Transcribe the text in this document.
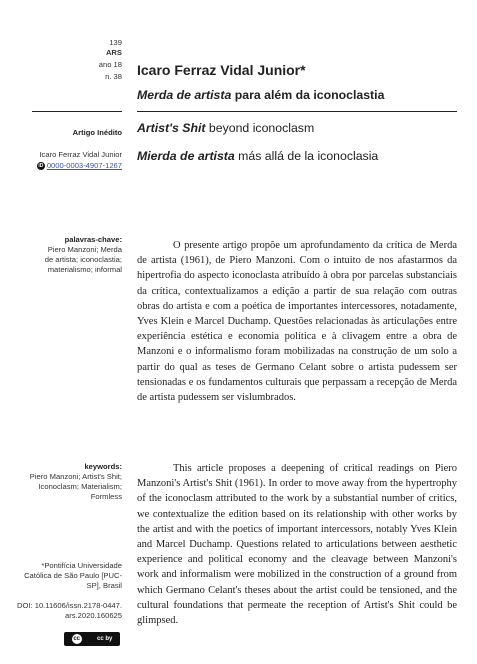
139
ARS
ano 18
n. 38 Icaro Ferraz Vidal Junior*
Merda de artista para além da iconoclastia
Artist's Shit beyond iconoclasm
Mierda de artista más allá de la iconoclasia
Artigo Inédito
Icaro Ferraz Vidal Junior
iD 0000-0003-4907-1267
palavras-chave:
Piero Manzoni; Merda
de artista; iconoclastia;
materialismo; informal
keywords:
Piero Manzoni; Artist's Shit;
Iconoclasm; Materialism;
Formless
*Pontifícia Universidade
Católica de São Paulo [PUC-
SP], Brasil
DOI: 10.11606/issn.2178-0447.
ars.2020.160625
cc	cc by

O presente artigo propõe um aprofundamento da crítica de Merda de artista (1961), de Piero Manzoni. Com o intuito de nos afastarmos da hipertrofia do aspecto iconoclasta atribuído à obra por parcelas substanciais da crítica, contextualizamos a edição a partir de sua relação com outras obras do artista e com a poética de importantes intercessores, notadamente, Yves Klein e Marcel Duchamp. Questões relacionadas às articulações entre experiência estética e economia política e à clivagem entre a obra de Manzoni e o informalismo foram mobilizadas na construção de um solo a partir do qual as teses de Germano Celant sobre o artista pudessem ser tensionadas e os fundamentos culturais que perpassam a recepção de Merda de artista pudessem ser vislumbrados.

This article proposes a deepening of critical readings on Piero Manzoni's Artist's Shit (1961). In order to move away from the hypertrophy of the iconoclasm attributed to the work by a substantial number of critics, we contextualize the edition based on its relationship with other works by the artist and with the poetics of important intercessors, notably Yves Klein and Marcel Duchamp. Questions related to articulations between aesthetic experience and political economy and the cleavage between Manzoni's work and informalism were mobilized in the construction of a ground from which Germano Celant's theses about the artist could be tensioned, and the cultural foundations that permeate the reception of Artist's Shit could be glimpsed.
